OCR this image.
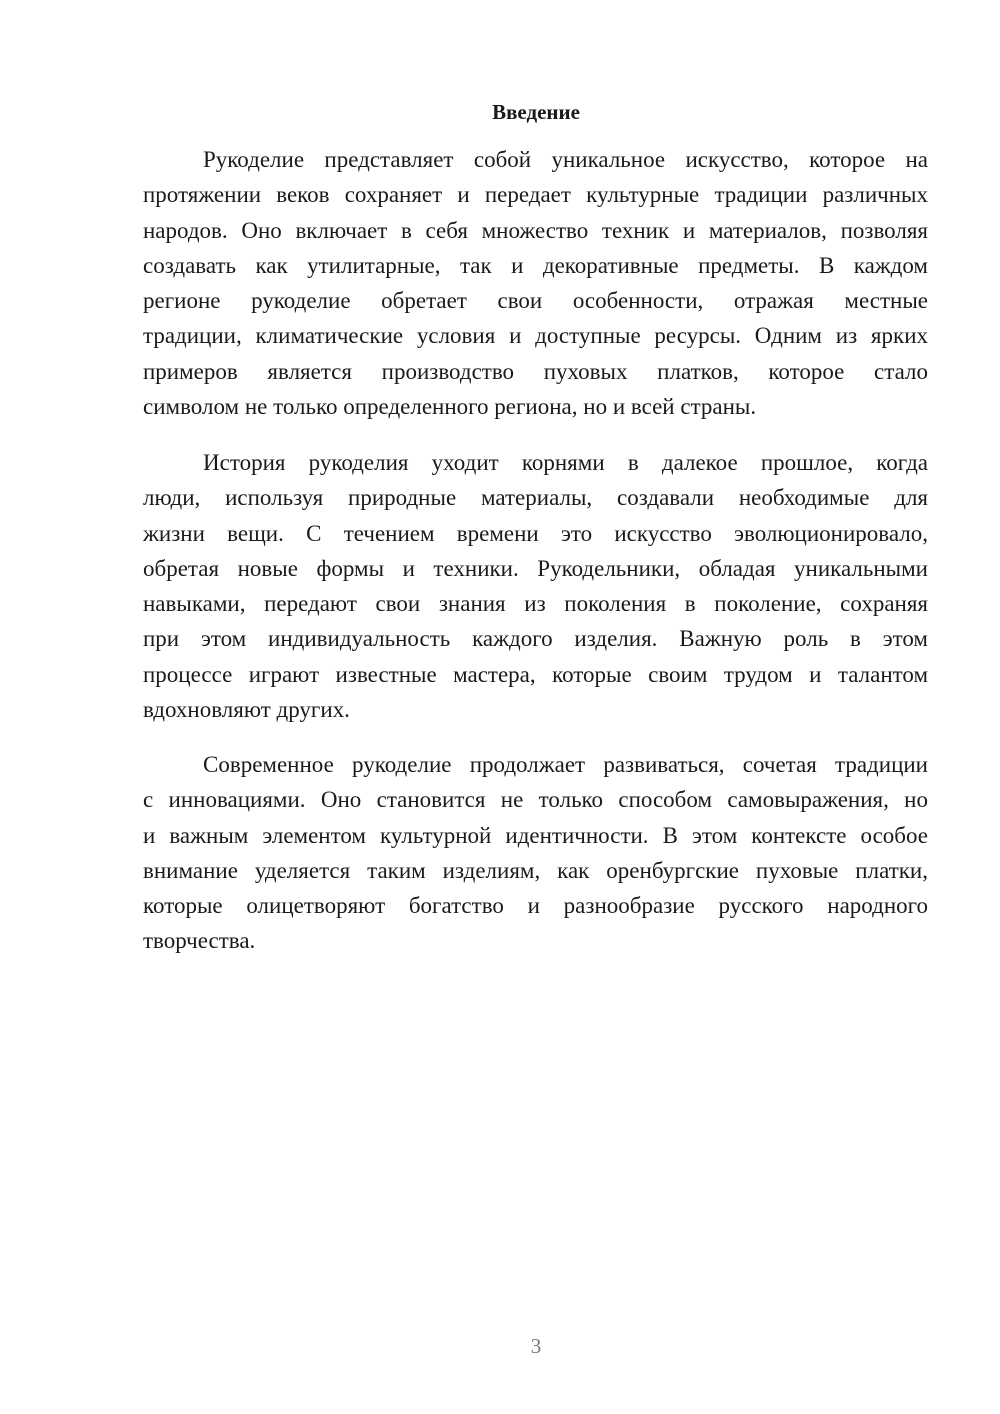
Введение
Рукоделие представляет собой уникальное искусство, которое на
протяжении веков сохраняет и передает культурные традиции различных
народов. Оно включает в себя множество техник и материалов, позволяя
создавать как утилитарные, так и декоративные предметы. В каждом
регионе рукоделие обретает свои особенности, отражая местные
традиции, климатические условия и доступные ресурсы. Одним из ярких
примеров является производство пуховых платков, которое стало
символом не только определенного региона, но и всей страны.
История рукоделия уходит корнями в далекое прошлое, когда
люди, используя природные материалы, создавали необходимые для
жизни вещи. С течением времени это искусство эволюционировало,
обретая новые формы и техники. Рукодельники, обладая уникальными
навыками, передают свои знания из поколения в поколение, сохраняя
при этом индивидуальность каждого изделия. Важную роль в этом
процессе играют известные мастера, которые своим трудом и талантом
вдохновляют других.
Современное рукоделие продолжает развиваться, сочетая традиции
с инновациями. Оно становится не только способом самовыражения, но
и важным элементом культурной идентичности. В этом контексте особое
внимание уделяется таким изделиям, как оренбургские пуховые платки,
которые олицетворяют богатство и разнообразие русского народного
творчества.
3
